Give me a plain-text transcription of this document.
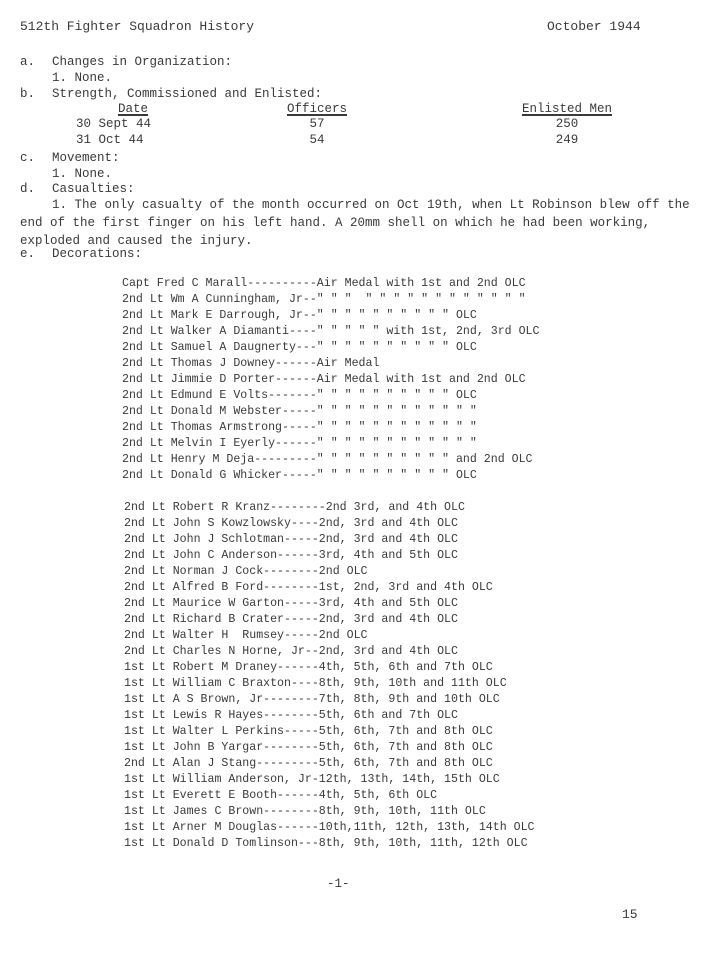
512th Fighter Squadron History	October 1944
a. Changes in Organization:
1. None.
b. Strength, Commissioned and Enlisted:
Date	Officers	Enlisted Men
30 Sept 44	57	250
31 Oct 44	54	249
c. Movement:
1. None.
d. Casualties:
1. The only casualty of the month occurred on Oct 19th, when Lt Robinson blew off the end of the first finger on his left hand. A 20mm shell on which he had been working, exploded and caused the injury.
e. Decorations:
Capt Fred C Marall----------Air Medal with 1st and 2nd OLC
2nd Lt Wm A Cunningham, Jr--" " "  " " " " " " " " " " " "
2nd Lt Mark E Darrough, Jr--" " " " " " " " " " OLC
2nd Lt Walker A Diamanti----" " " " " with 1st, 2nd, 3rd OLC
2nd Lt Samuel A Daugnerty---" " " " " " " " " " OLC
2nd Lt Thomas J Downey------Air Medal
2nd Lt Jimmie D Porter------Air Medal with 1st and 2nd OLC
2nd Lt Edmund E Volts-------" " " " " " " " " " OLC
2nd Lt Donald M Webster-----" " " " " " " " " " " "
2nd Lt Thomas Armstrong-----" " " " " " " " " " " "
2nd Lt Melvin I Eyerly------" " " " " " " " " " " "
2nd Lt Henry M Deja---------" " " " " " " " " " and 2nd OLC
2nd Lt Donald G Whicker-----" " " " " " " " " " OLC
2nd Lt Robert R Kranz--------2nd 3rd, and 4th OLC
2nd Lt John S Kowzlowsky----2nd, 3rd and 4th OLC
2nd Lt John J Schlotman-----2nd, 3rd and 4th OLC
2nd Lt John C Anderson------3rd, 4th and 5th OLC
2nd Lt Norman J Cock--------2nd OLC
2nd Lt Alfred B Ford--------1st, 2nd, 3rd and 4th OLC
2nd Lt Maurice W Garton-----3rd, 4th and 5th OLC
2nd Lt Richard B Crater-----2nd, 3rd and 4th OLC
2nd Lt Walter H  Rumsey-----2nd OLC
2nd Lt Charles N Horne, Jr--2nd, 3rd and 4th OLC
1st Lt Robert M Draney------4th, 5th, 6th and 7th OLC
1st Lt William C Braxton----8th, 9th, 10th and 11th OLC
1st Lt A S Brown, Jr--------7th, 8th, 9th and 10th OLC
1st Lt Lewis R Hayes--------5th, 6th and 7th OLC
1st Lt Walter L Perkins-----5th, 6th, 7th and 8th OLC
1st Lt John B Yargar--------5th, 6th, 7th and 8th OLC
2nd Lt Alan J Stang---------5th, 6th, 7th and 8th OLC
1st Lt William Anderson, Jr-12th, 13th, 14th, 15th OLC
1st Lt Everett E Booth------4th, 5th, 6th OLC
1st Lt James C Brown--------8th, 9th, 10th, 11th OLC
1st Lt Arner M Douglas------10th,11th, 12th, 13th, 14th OLC
1st Lt Donald D Tomlinson---8th, 9th, 10th, 11th, 12th OLC
-1-
15
